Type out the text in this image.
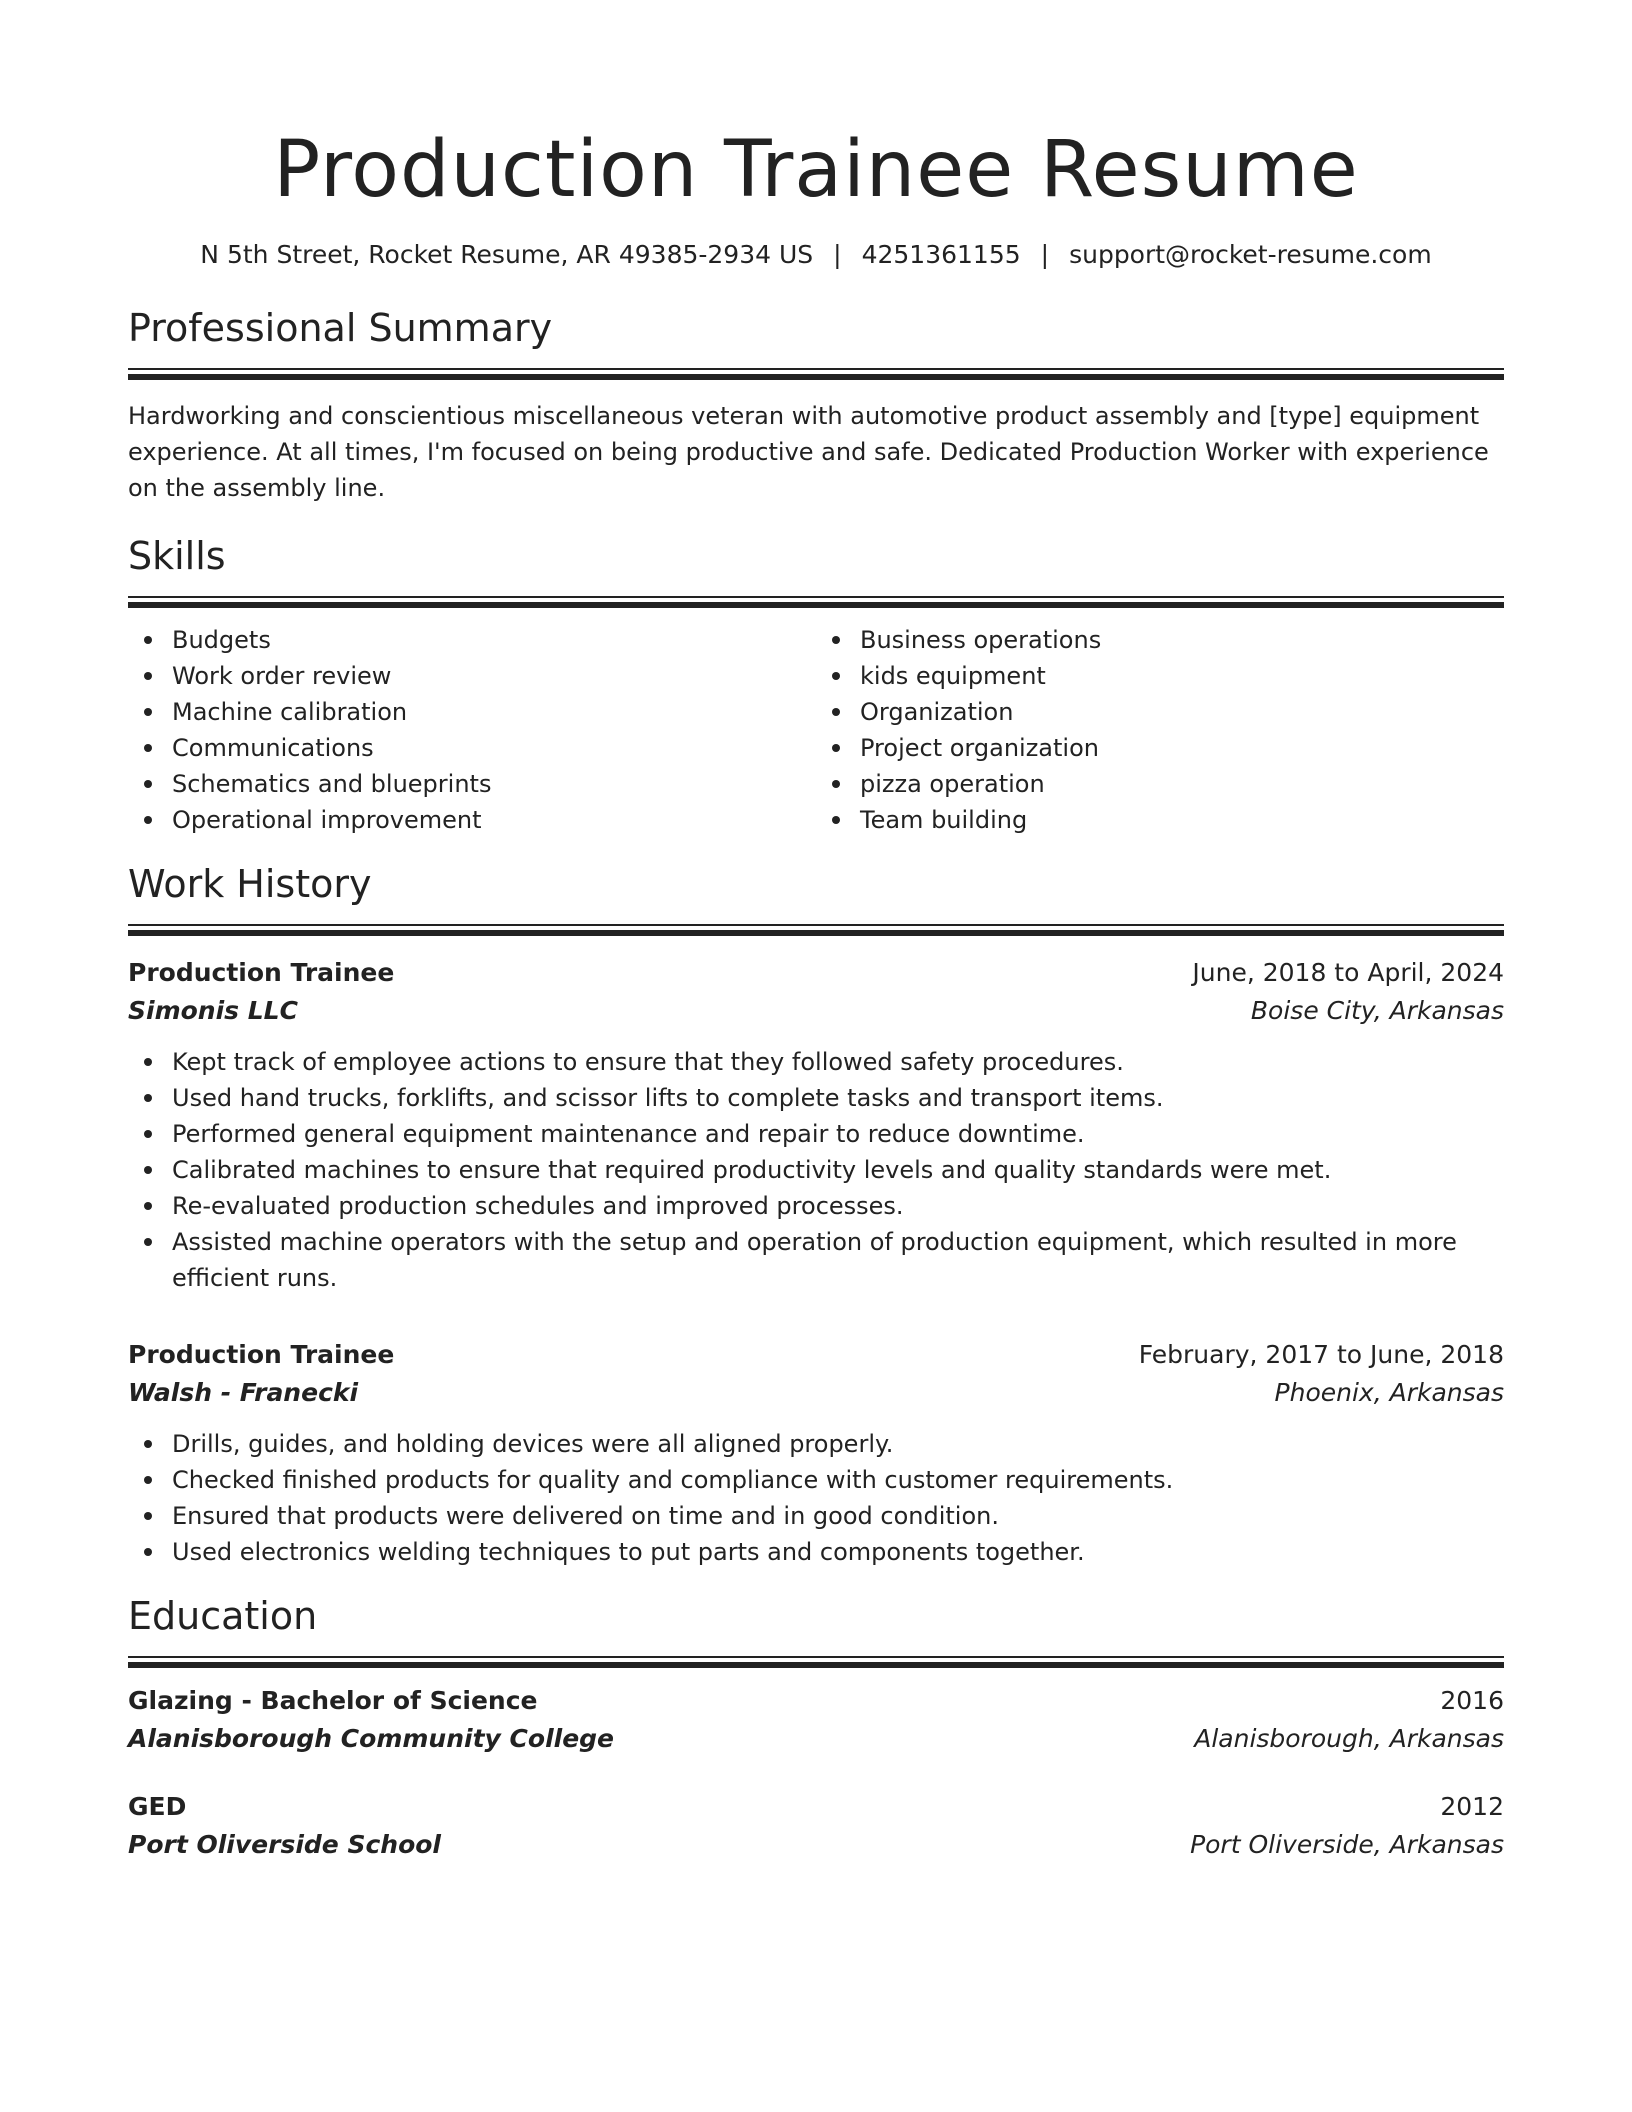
Production Trainee Resume
N 5th Street, Rocket Resume, AR 49385-2934 US | 4251361155 | support@rocket-resume.com
Professional Summary

Hardworking and conscientious miscellaneous veteran with automotive product assembly and [type] equipment experience. At all times, I'm focused on being productive and safe. Dedicated Production Worker with experience on the assembly line.

Skills
Budgets
Work order review
Machine calibration
Communications
Schematics and blueprints
Operational improvement
Business operations
kids equipment
Organization
Project organization
pizza operation
Team building
Work History
Production Trainee	June, 2018 to April, 2024
Simonis LLC	Boise City, Arkansas
Kept track of employee actions to ensure that they followed safety procedures.
Used hand trucks, forklifts, and scissor lifts to complete tasks and transport items.
Performed general equipment maintenance and repair to reduce downtime.
Calibrated machines to ensure that required productivity levels and quality standards were met.
Re-evaluated production schedules and improved processes.
Assisted machine operators with the setup and operation of production equipment, which resulted in more efficient runs.
Production Trainee	February, 2017 to June, 2018
Walsh - Franecki	Phoenix, Arkansas
Drills, guides, and holding devices were all aligned properly.
Checked finished products for quality and compliance with customer requirements.
Ensured that products were delivered on time and in good condition.
Used electronics welding techniques to put parts and components together.
Education
Glazing - Bachelor of Science	2016
Alanisborough Community College	Alanisborough, Arkansas
GED	2012
Port Oliverside School	Port Oliverside, Arkansas
